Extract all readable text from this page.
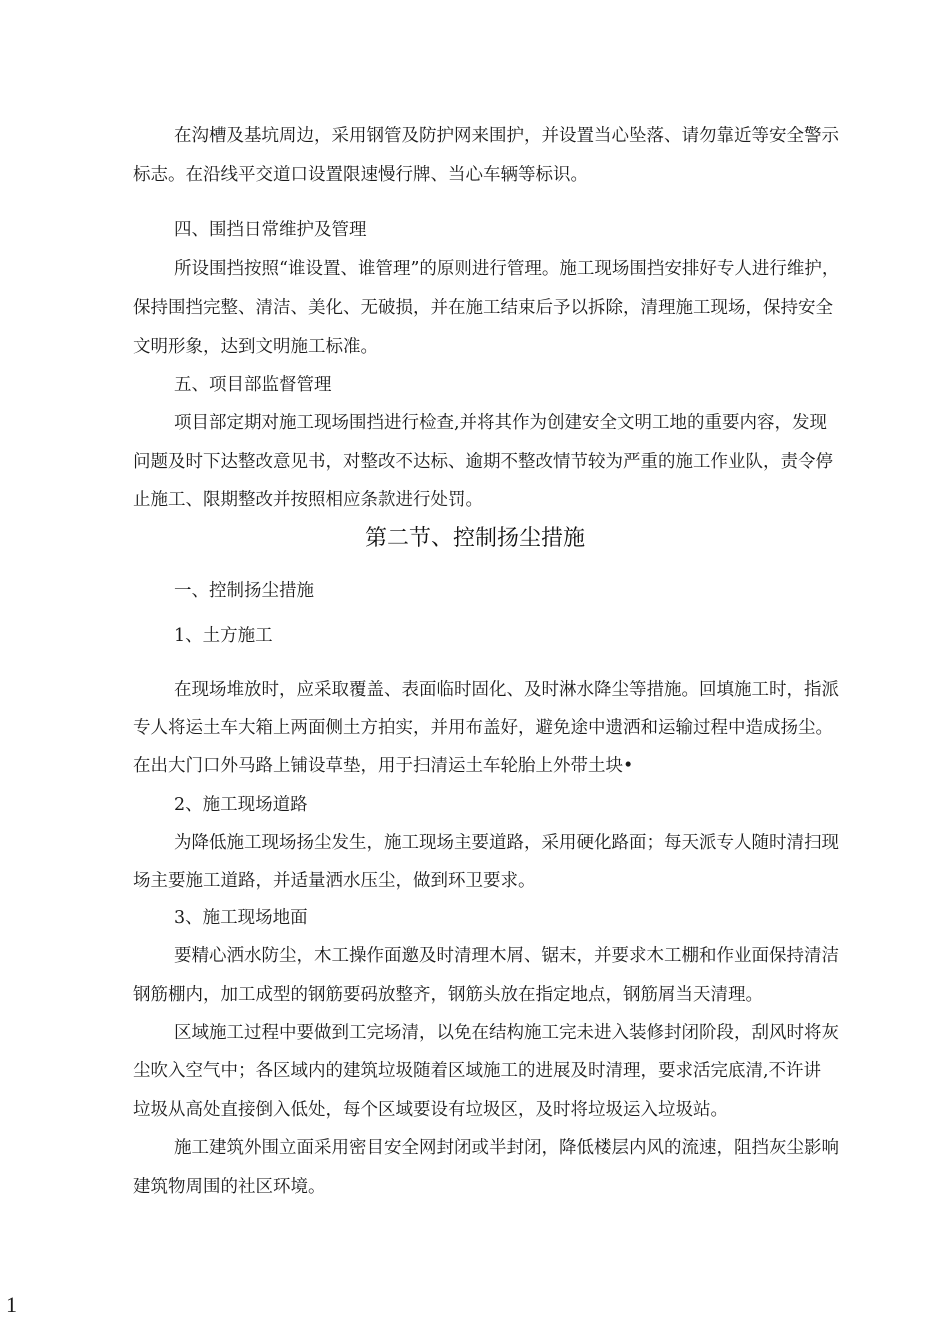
在沟槽及基坑周边，采用钢管及防护网来围护，并设置当心坠落、请勿靠近等安全警示
标志。在沿线平交道口设置限速慢行牌、当心车辆等标识。
四、围挡日常维护及管理
所设围挡按照“谁设置、谁管理”的原则进行管理。施工现场围挡安排好专人进行维护，
保持围挡完整、清洁、美化、无破损，并在施工结束后予以拆除，清理施工现场，保持安全
文明形象，达到文明施工标准。
五、项目部监督管理
项目部定期对施工现场围挡进行检查,并将其作为创建安全文明工地的重要内容，发现
问题及时下达整改意见书，对整改不达标、逾期不整改情节较为严重的施工作业队，责令停
止施工、限期整改并按照相应条款进行处罚。
第二节、控制扬尘措施
一、控制扬尘措施
1、土方施工
在现场堆放时，应采取覆盖、表面临时固化、及时淋水降尘等措施。回填施工时，指派
专人将运土车大箱上两面侧土方拍实，并用布盖好，避免途中遗洒和运输过程中造成扬尘。
在出大门口外马路上铺设草垫，用于扫清运土车轮胎上外带土块•
2、施工现场道路
为降低施工现场扬尘发生，施工现场主要道路，采用硬化路面；每天派专人随时清扫现
场主要施工道路，并适量洒水压尘，做到环卫要求。
3、施工现场地面
要精心洒水防尘，木工操作面邀及时清理木屑、锯末，并要求木工棚和作业面保持清洁
钢筋棚内，加工成型的钢筋要码放整齐，钢筋头放在指定地点，钢筋屑当天清理。
区域施工过程中要做到工完场清，以免在结构施工完未进入装修封闭阶段，刮风时将灰
尘吹入空气中；各区域内的建筑垃圾随着区域施工的进展及时清理，要求活完底清,不许讲
垃圾从高处直接倒入低处，每个区域要设有垃圾区，及时将垃圾运入垃圾站。
施工建筑外围立面采用密目安全网封闭或半封闭，降低楼层内风的流速，阻挡灰尘影响
建筑物周围的社区环境。
1
